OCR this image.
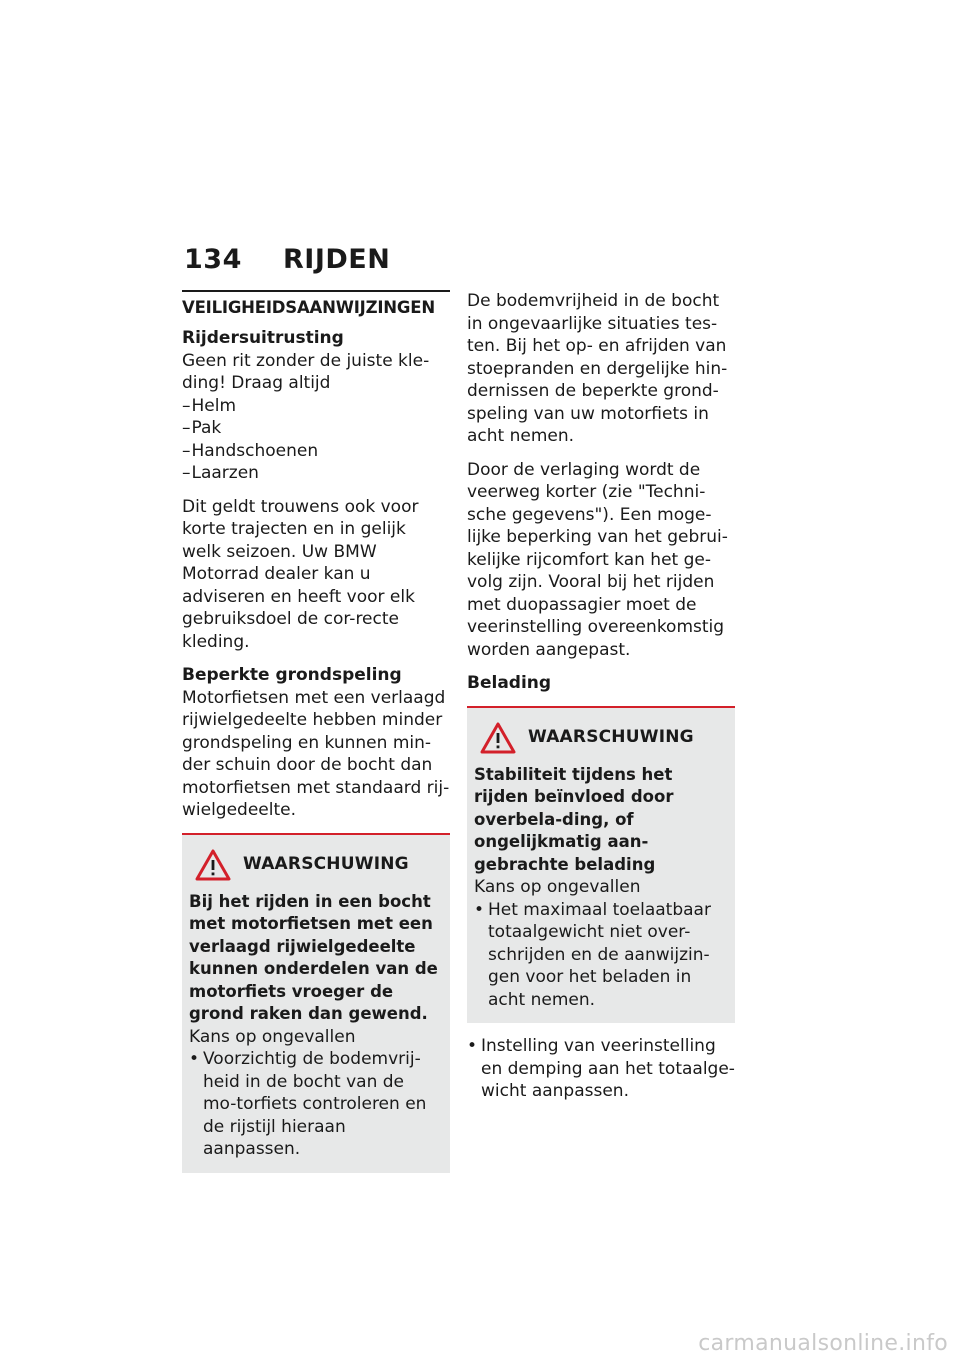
134	RIJDEN
VEILIGHEIDSAANWIJZINGEN
Rijdersuitrusting

Geen rit zonder de juiste kle-ding! Draag altijd

– Helm
– Pak
– Handschoenen
– Laarzen

Dit geldt trouwens ook voor korte trajecten en in gelijk welk seizoen. Uw BMW Motorrad dealer kan u adviseren en heeft voor elk gebruiksdoel de cor-recte kleding.

Beperkte grondspeling

Motorfietsen met een verlaagd rijwielgedeelte hebben minder grondspeling en kunnen min-der schuin door de bocht dan motorfietsen met standaard rij-wielgedeelte.

WAARSCHUWING

Bij het rijden in een bocht met motorfietsen met een verlaagd rijwielgedeelte kunnen onderdelen van de motorfiets vroeger de grond raken dan gewend.

Kans op ongevallen

• Voorzichtig de bodemvrij-heid in de bocht van de mo-torfiets controleren en de rijstijl hieraan aanpassen.

De bodemvrijheid in de bocht in ongevaarlijke situaties tes-ten. Bij het op- en afrijden van stoepranden en dergelijke hin-dernissen de beperkte grond-speling van uw motorfiets in acht nemen.

Door de verlaging wordt de veerweg korter (zie "Techni-sche gegevens"). Een moge-lijke beperking van het gebrui-kelijke rijcomfort kan het ge-volg zijn. Vooral bij het rijden met duopassagier moet de veerinstelling overeenkomstig worden aangepast.

Belading
WAARSCHUWING

Stabiliteit tijdens het rijden beïnvloed door overbela-ding, of ongelijkmatig aan-gebrachte belading

Kans op ongevallen

• Het maximaal toelaatbaar totaalgewicht niet over-schrijden en de aanwijzin-gen voor het beladen in acht nemen.
• Instelling van veerinstelling en demping aan het totaalge-wicht aanpassen.
carmanualsonline.info
